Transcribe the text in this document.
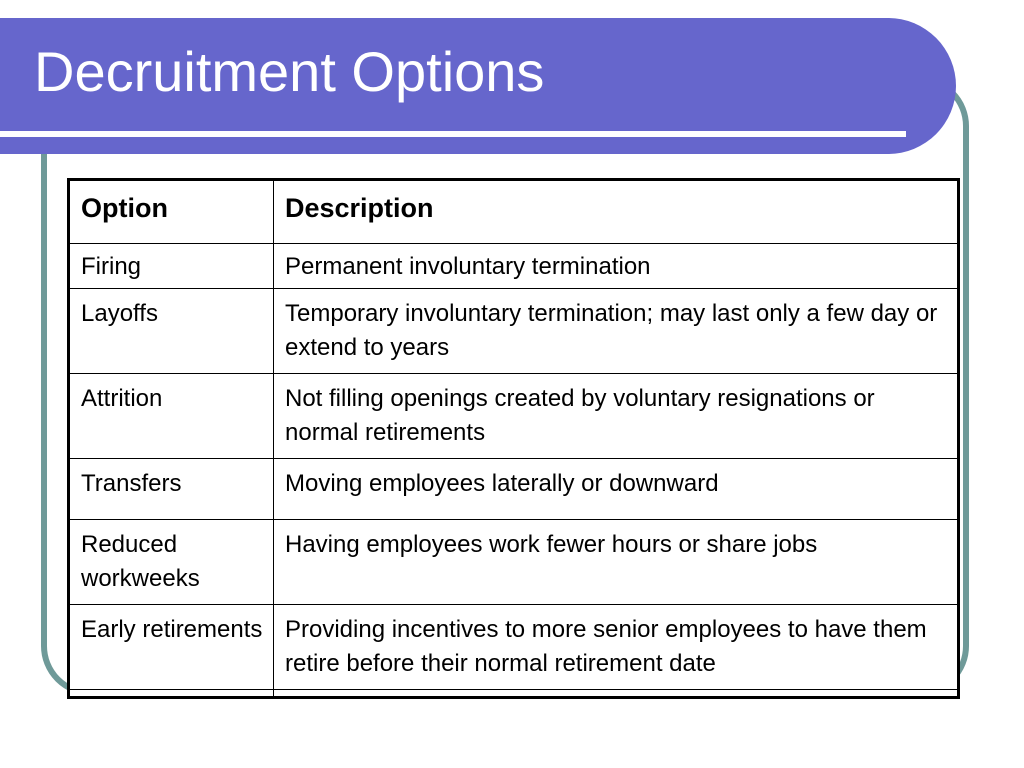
Decruitment Options
Option	Description
Firing	Permanent involuntary termination
Layoffs	Temporary involuntary termination; may last only a few day or extend to years
Attrition	Not filling openings created by voluntary resignations or normal retirements
Transfers	Moving employees laterally or downward
Reduced workweeks	Having employees work fewer hours or share jobs
Early retirements	Providing incentives to more senior employees to have them retire before their normal retirement date
